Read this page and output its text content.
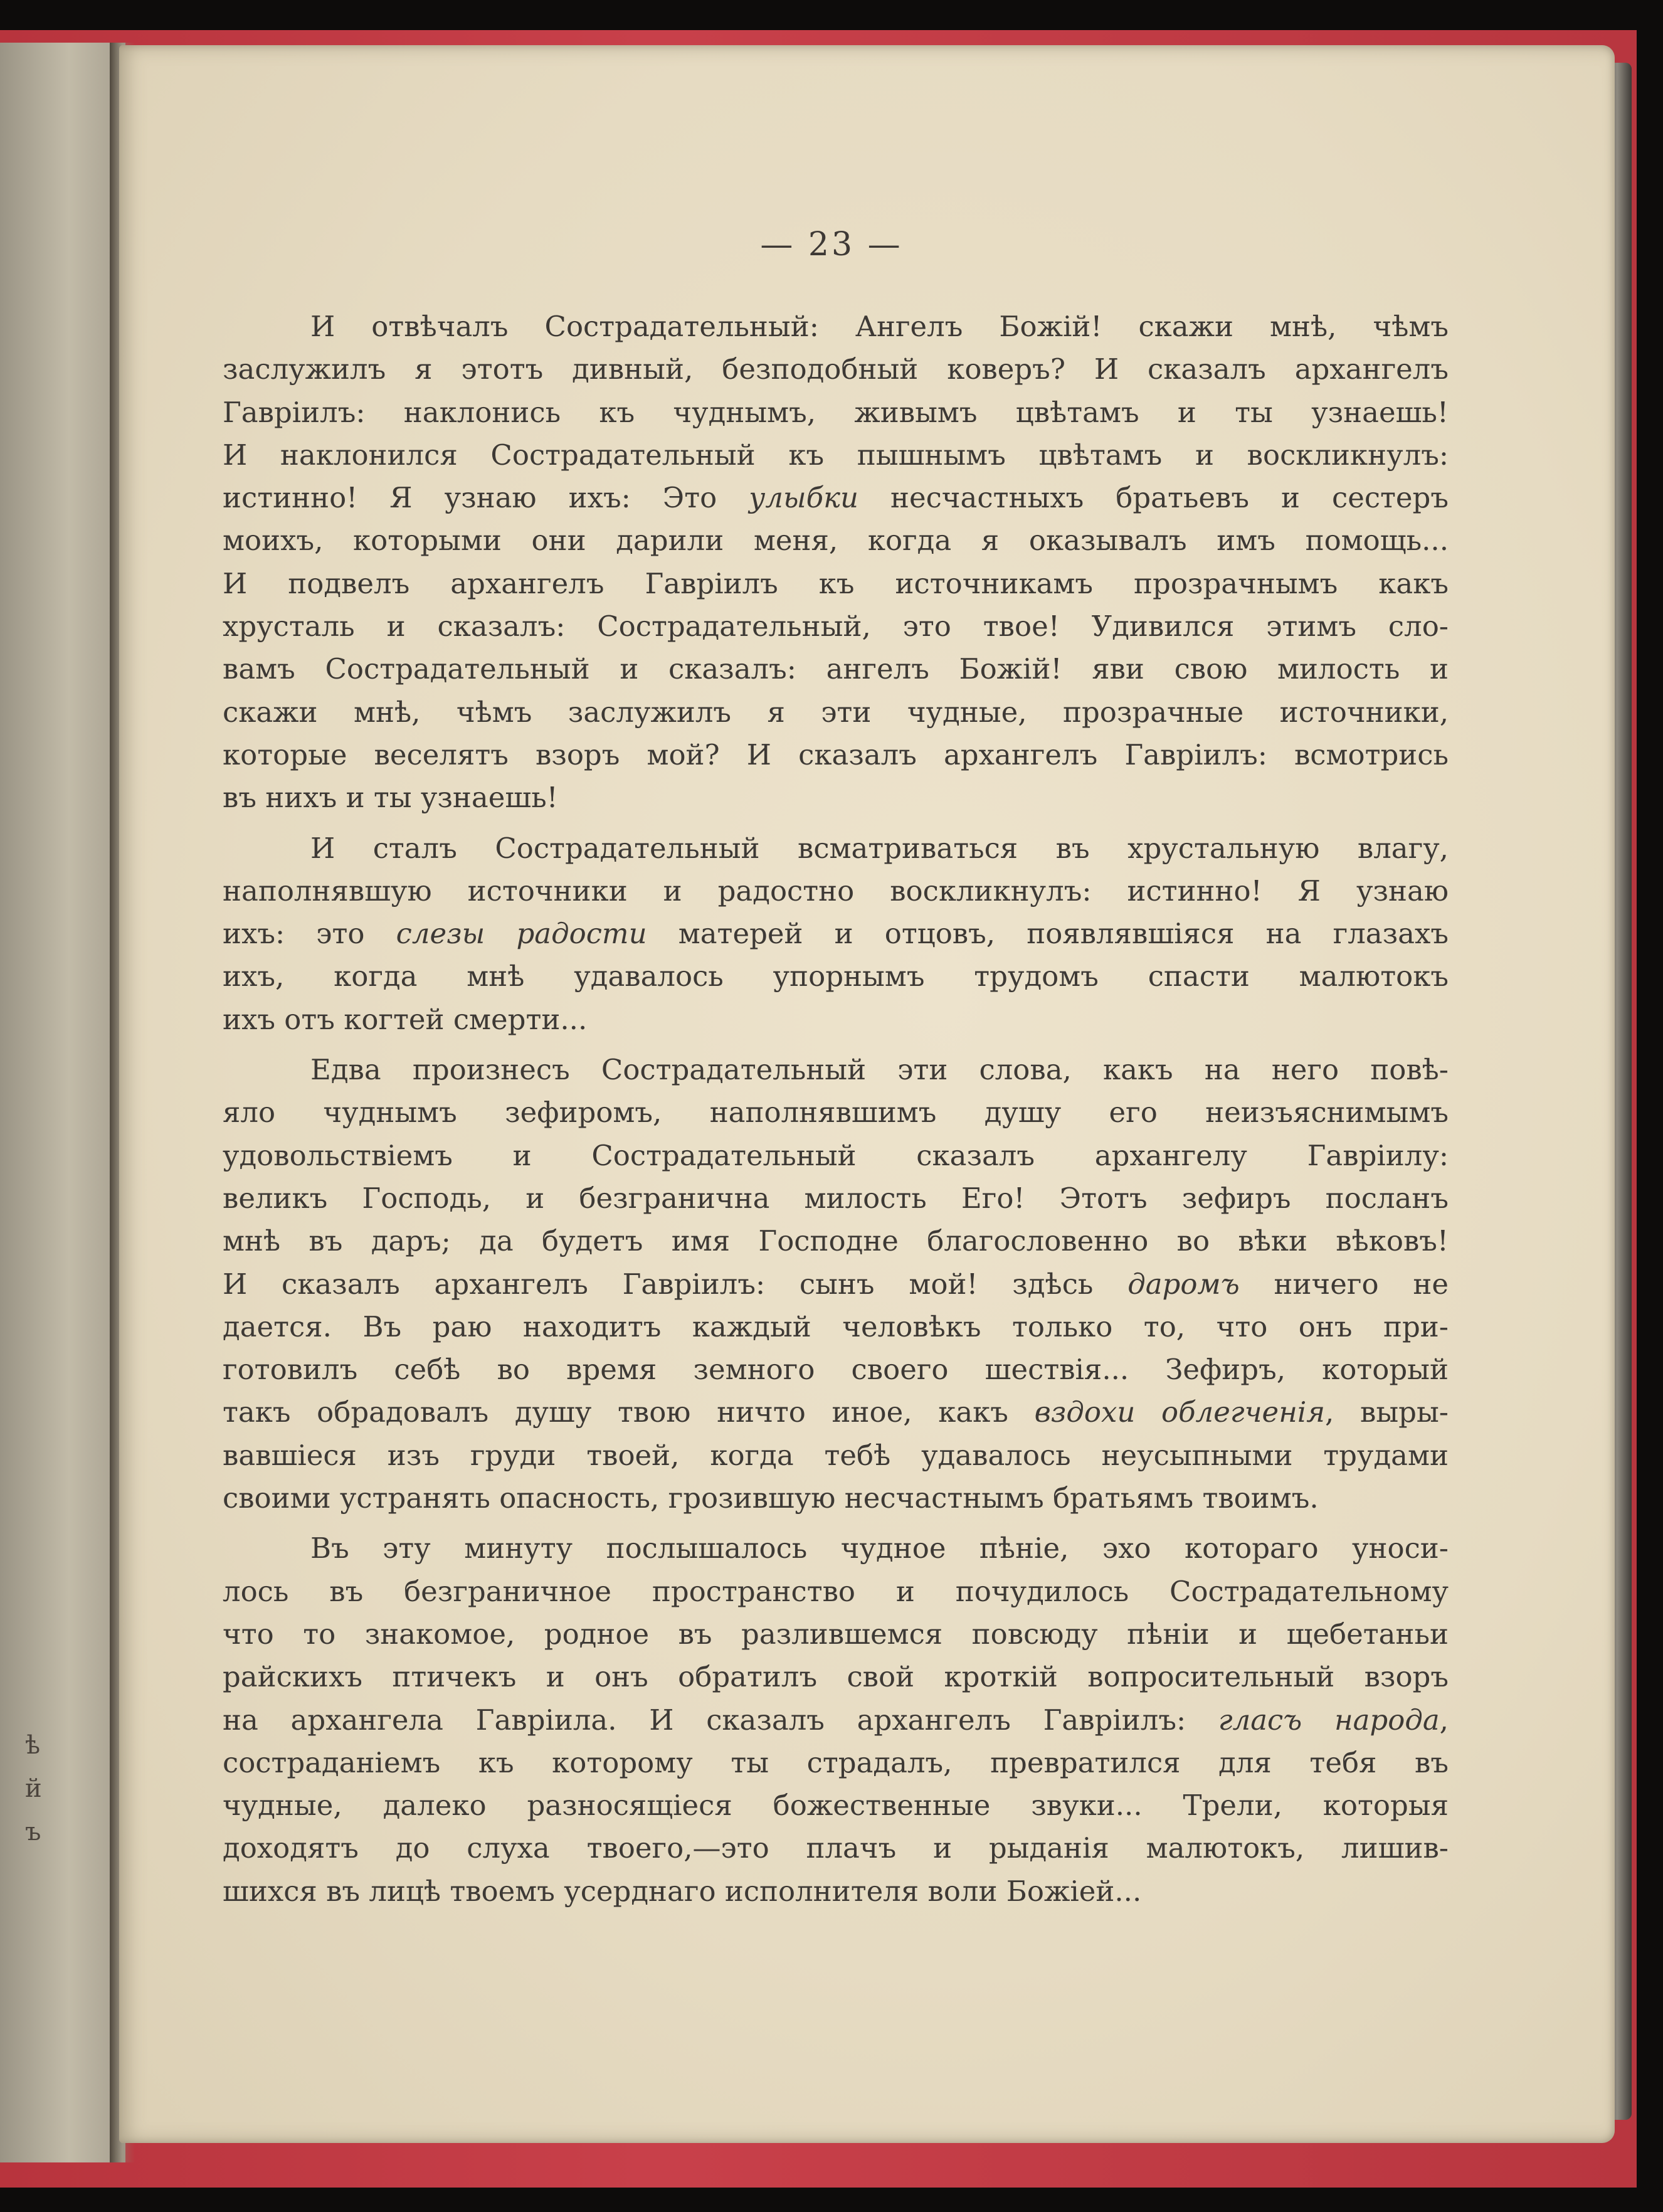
ѣ
й
ъ
— 23 —
И отвѣчалъ Сострадательный: Ангелъ Божій! скажи мнѣ, чѣмъ
заслужилъ я этотъ дивный, безподобный коверъ? И сказалъ архангелъ
Гавріилъ: наклонись къ чуднымъ, живымъ цвѣтамъ и ты узнаешь!
И наклонился Сострадательный къ пышнымъ цвѣтамъ и воскликнулъ:
истинно! Я узнаю ихъ: Это улыбки несчастныхъ братьевъ и сестеръ
моихъ, которыми они дарили меня, когда я оказывалъ имъ помощь...
И подвелъ архангелъ Гавріилъ къ источникамъ прозрачнымъ какъ
хрусталь и сказалъ: Сострадательный, это твое! Удивился этимъ сло-
вамъ Сострадательный и сказалъ: ангелъ Божій! яви свою милость и
скажи мнѣ, чѣмъ заслужилъ я эти чудные, прозрачные источники,
которые веселятъ взоръ мой? И сказалъ архангелъ Гавріилъ: всмотрись
въ нихъ и ты узнаешь!
И сталъ Сострадательный всматриваться въ хрустальную влагу,
наполнявшую источники и радостно воскликнулъ: истинно! Я узнаю
ихъ: это слезы радости матерей и отцовъ, появлявшіяся на глазахъ
ихъ, когда мнѣ удавалось упорнымъ трудомъ спасти малютокъ
ихъ отъ когтей смерти...
Едва произнесъ Сострадательный эти слова, какъ на него повѣ-
яло чуднымъ зефиромъ, наполнявшимъ душу его неизъяснимымъ
удовольствіемъ и Сострадательный сказалъ архангелу Гавріилу:
великъ Господь, и безгранична милость Его! Этотъ зефиръ посланъ
мнѣ въ даръ; да будетъ имя Господне благословенно во вѣки вѣковъ!
И сказалъ архангелъ Гавріилъ: сынъ мой! здѣсь даромъ ничего не
дается. Въ раю находитъ каждый человѣкъ только то, что онъ при-
готовилъ себѣ во время земного своего шествія... Зефиръ, который
такъ обрадовалъ душу твою ничто иное, какъ вздохи облегченія, выры-
вавшіеся изъ груди твоей, когда тебѣ удавалось неусыпными трудами
своими устранять опасность, грозившую несчастнымъ братьямъ твоимъ.
Въ эту минуту послышалось чудное пѣніе, эхо котораго уноси-
лось въ безграничное пространство и почудилось Сострадательному
что то знакомое, родное въ разлившемся повсюду пѣніи и щебетаньи
райскихъ птичекъ и онъ обратилъ свой кроткій вопросительный взоръ
на архангела Гавріила. И сказалъ архангелъ Гавріилъ: гласъ народа,
состраданіемъ къ которому ты страдалъ, превратился для тебя въ
чудные, далеко разносящіеся божественные звуки... Трели, которыя
доходятъ до слуха твоего,—это плачъ и рыданія малютокъ, лишив-
шихся въ лицѣ твоемъ усерднаго исполнителя воли Божіей...
